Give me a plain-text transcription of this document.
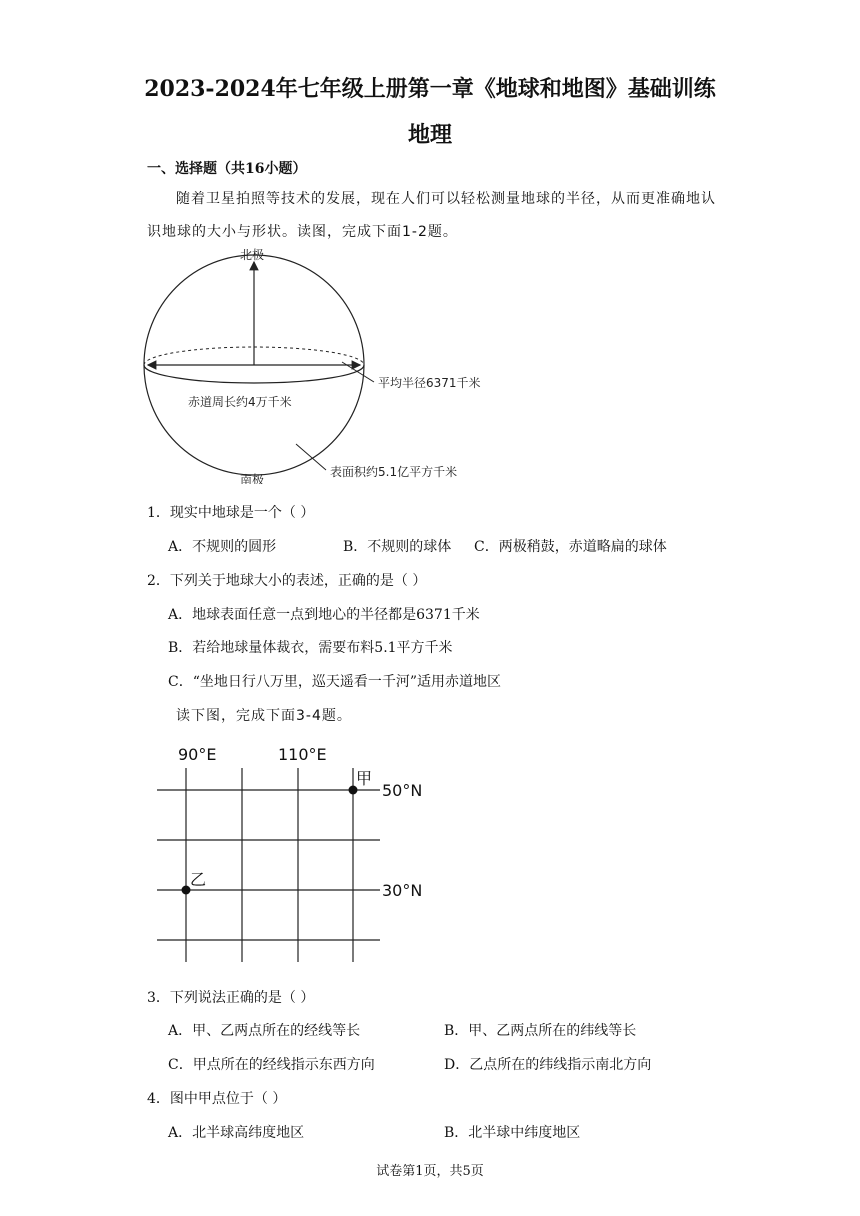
2023-2024年七年级上册第一章《地球和地图》基础训练
地理
一、选择题（共16小题）
随着卫星拍照等技术的发展，现在人们可以轻松测量地球的半径，从而更准确地认
识地球的大小与形状。读图，完成下面1-2题。
北极
南极
赤道周长约4万千米
平均半径6371千米
表面积约5.1亿平方千米
1．现实中地球是一个（ ）
A．不规则的圆形	B．不规则的球体 C．两极稍鼓，赤道略扁的球体
2．下列关于地球大小的表述，正确的是（ ）
A．地球表面任意一点到地心的半径都是6371千米
B．若给地球量体裁衣，需要布料5.1平方千米
C．“坐地日行八万里，巡天遥看一千河”适用赤道地区
读下图，完成下面3-4题。
90°E	110°E
50°N
30°N
甲
乙
3．下列说法正确的是（ ）
A．甲、乙两点所在的经线等长	B．甲、乙两点所在的纬线等长
C．甲点所在的经线指示东西方向	D．乙点所在的纬线指示南北方向
4．图中甲点位于（ ）
A．北半球高纬度地区	B．北半球中纬度地区
试卷第1页，共5页
